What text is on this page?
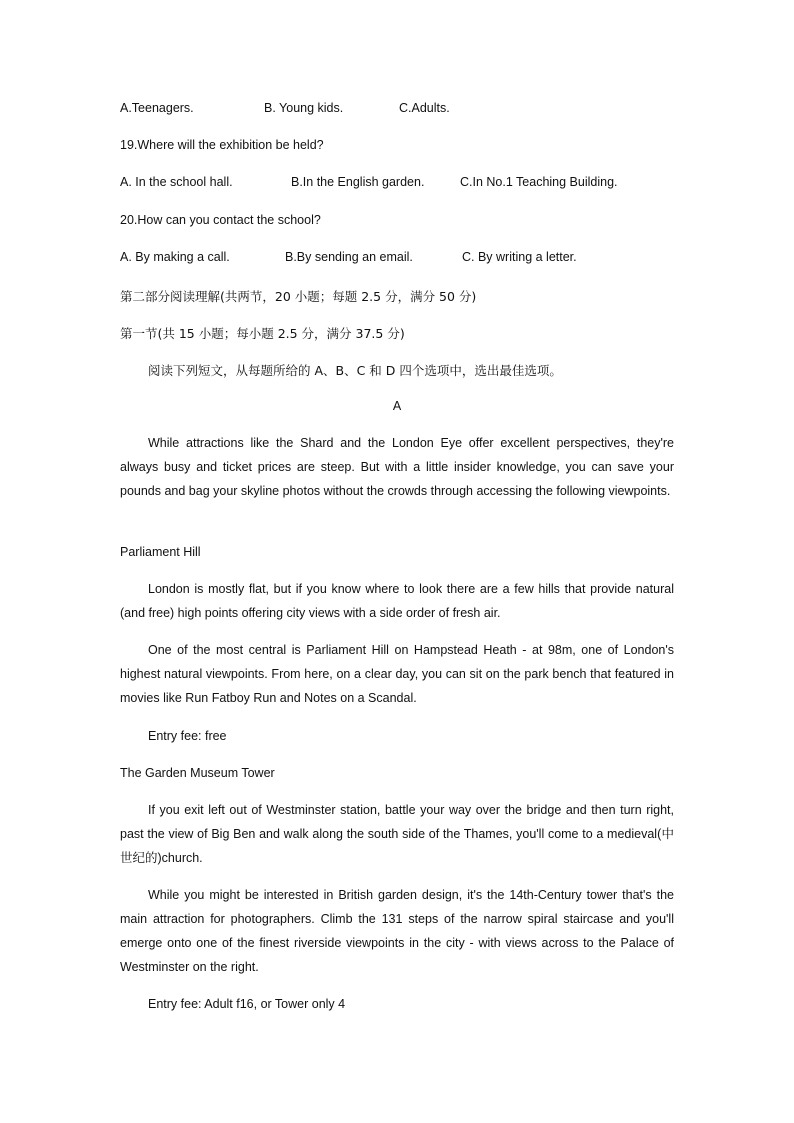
A.Teenagers.	B. Young kids.	C.Adults.
19.Where will the exhibition be held?
A. In the school hall.	B.In the English garden.	C.In No.1 Teaching Building.
20.How can you contact the school?
A. By making a call.	B.By sending an email.	C. By writing a letter.
第二部分阅读理解(共两节，20 小题；每题 2.5 分，满分 50 分)
第一节(共 15 小题；每小题 2.5 分，满分 37.5 分)
阅读下列短文，从每题所给的 A、B、C 和 D 四个选项中，选出最佳选项。
A

While attractions like the Shard and the London Eye offer excellent perspectives, they're always busy and ticket prices are steep. But with a little insider knowledge, you can save your pounds and bag your skyline photos without the crowds through accessing the following viewpoints.

Parliament Hill

London is mostly flat, but if you know where to look there are a few hills that provide natural (and free) high points offering city views with a side order of fresh air.

One of the most central is Parliament Hill on Hampstead Heath - at 98m, one of London's highest natural viewpoints. From here, on a clear day, you can sit on the park bench that featured in movies like Run Fatboy Run and Notes on a Scandal.

Entry fee: free
The Garden Museum Tower

If you exit left out of Westminster station, battle your way over the bridge and then turn right, past the view of Big Ben and walk along the south side of the Thames, you'll come to a medieval(中 世纪的)church.

While you might be interested in British garden design, it's the 14th-Century tower that's the main attraction for photographers. Climb the 131 steps of the narrow spiral staircase and you'll emerge onto one of the finest riverside viewpoints in the city - with views across to the Palace of Westminster on the right.

Entry fee: Adult f16, or Tower only 4
